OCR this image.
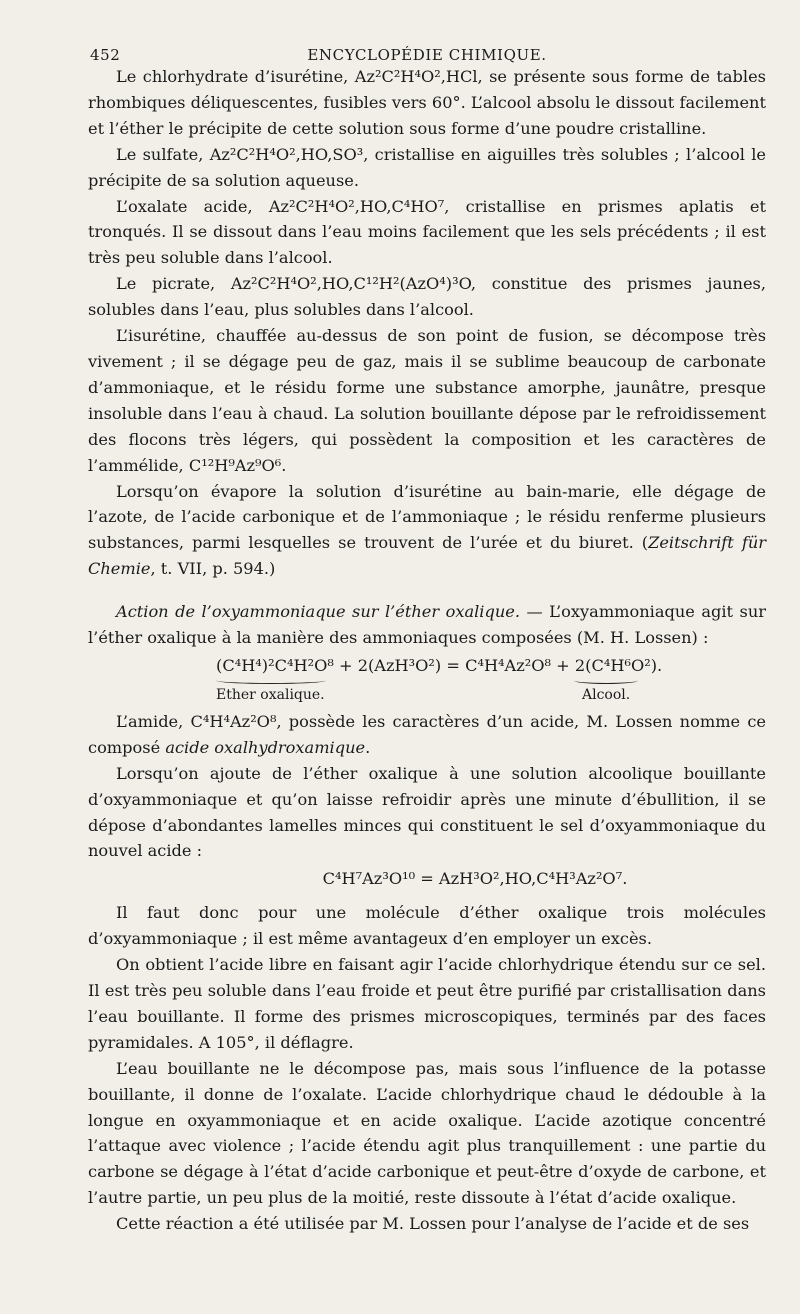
452	ENCYCLOPÉDIE CHIMIQUE.

Le chlorhydrate d’isurétine, Az²C²H⁴O²,HCl, se présente sous forme de tables rhombiques déliquescentes, fusibles vers 60°. L’alcool absolu le dissout facilement et l’éther le précipite de cette solution sous forme d’une poudre cristalline.

Le sulfate, Az²C²H⁴O²,HO,SO³, cristallise en aiguilles très solubles ; l’alcool le précipite de sa solution aqueuse.

L’oxalate acide, Az²C²H⁴O²,HO,C⁴HO⁷, cristallise en prismes aplatis et tronqués. Il se dissout dans l’eau moins facilement que les sels précédents ; il est très peu soluble dans l’alcool.

Le picrate, Az²C²H⁴O²,HO,C¹²H²(AzO⁴)³O, constitue des prismes jaunes, solubles dans l’eau, plus solubles dans l’alcool.

L’isurétine, chauffée au-dessus de son point de fusion, se décompose très vivement ; il se dégage peu de gaz, mais il se sublime beaucoup de carbonate d’ammoniaque, et le résidu forme une substance amorphe, jaunâtre, presque insoluble dans l’eau à chaud. La solution bouillante dépose par le refroidissement des flocons très légers, qui possèdent la composition et les caractères de l’ammélide, C¹²H⁹Az⁹O⁶.

Lorsqu’on évapore la solution d’isurétine au bain-marie, elle dégage de l’azote, de l’acide carbonique et de l’ammoniaque ; le résidu renferme plusieurs substances, parmi lesquelles se trouvent de l’urée et du biuret. (Zeitschrift für Chemie, t. VII, p. 594.)

Action de l’oxyammoniaque sur l’éther oxalique. — L’oxyammoniaque agit sur l’éther oxalique à la manière des ammoniaques composées (M. H. Lossen) :

(C⁴H⁴)²C⁴H²O⁸ + 2(AzH³O²) = C⁴H⁴Az²O⁸ + 2(C⁴H⁶O²).
Ether oxalique.	Alcool.

L’amide, C⁴H⁴Az²O⁸, possède les caractères d’un acide, M. Lossen nomme ce composé acide oxalhydroxamique.

Lorsqu’on ajoute de l’éther oxalique à une solution alcoolique bouillante d’oxyammoniaque et qu’on laisse refroidir après une minute d’ébullition, il se dépose d’abondantes lamelles minces qui constituent le sel d’oxyammoniaque du nouvel acide :

C⁴H⁷Az³O¹⁰ = AzH³O²,HO,C⁴H³Az²O⁷.

Il faut donc pour une molécule d’éther oxalique trois molécules d’oxyammoniaque ; il est même avantageux d’en employer un excès.

On obtient l’acide libre en faisant agir l’acide chlorhydrique étendu sur ce sel. Il est très peu soluble dans l’eau froide et peut être purifié par cristallisation dans l’eau bouillante. Il forme des prismes microscopiques, terminés par des faces pyramidales. A 105°, il déflagre.

L’eau bouillante ne le décompose pas, mais sous l’influence de la potasse bouillante, il donne de l’oxalate. L’acide chlorhydrique chaud le dédouble à la longue en oxyammoniaque et en acide oxalique. L’acide azotique concentré l’attaque avec violence ; l’acide étendu agit plus tranquillement : une partie du carbone se dégage à l’état d’acide carbonique et peut-être d’oxyde de carbone, et l’autre partie, un peu plus de la moitié, reste dissoute à l’état d’acide oxalique.

Cette réaction a été utilisée par M. Lossen pour l’analyse de l’acide et de ses
